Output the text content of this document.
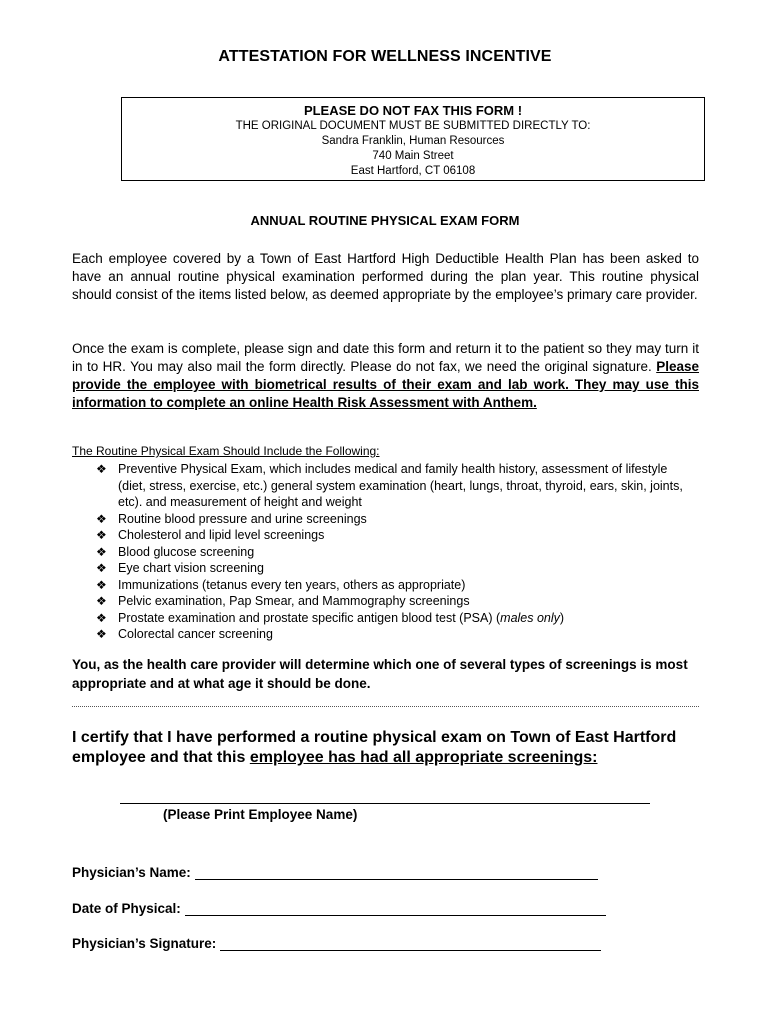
ATTESTATION FOR WELLNESS INCENTIVE
PLEASE DO NOT FAX THIS FORM !
THE ORIGINAL DOCUMENT MUST BE SUBMITTED DIRECTLY TO:
Sandra Franklin, Human Resources
740 Main Street
East Hartford, CT 06108
ANNUAL ROUTINE PHYSICAL EXAM FORM
Each employee covered by a Town of East Hartford High Deductible Health Plan has been asked to have an annual routine physical examination performed during the plan year. This routine physical should consist of the items listed below, as deemed appropriate by the employee’s primary care provider.
Once the exam is complete, please sign and date this form and return it to the patient so they may turn it in to HR. You may also mail the form directly. Please do not fax, we need the original signature. Please provide the employee with biometrical results of their exam and lab work. They may use this information to complete an online Health Risk Assessment with Anthem.
The Routine Physical Exam Should Include the Following:
❖ Preventive Physical Exam, which includes medical and family health history, assessment of lifestyle (diet, stress, exercise, etc.) general system examination (heart, lungs, throat, thyroid, ears, skin, joints, etc). and measurement of height and weight
❖ Routine blood pressure and urine screenings
❖ Cholesterol and lipid level screenings
❖ Blood glucose screening
❖ Eye chart vision screening
❖ Immunizations (tetanus every ten years, others as appropriate)
❖ Pelvic examination, Pap Smear, and Mammography screenings
❖ Prostate examination and prostate specific antigen blood test (PSA) (males only)
❖ Colorectal cancer screening
You, as the health care provider will determine which one of several types of screenings is most appropriate and at what age it should be done.
I certify that I have performed a routine physical exam on Town of East Hartford employee and that this employee has had all appropriate screenings:
(Please Print Employee Name)
Physician’s Name:
Date of Physical:
Physician’s Signature:
